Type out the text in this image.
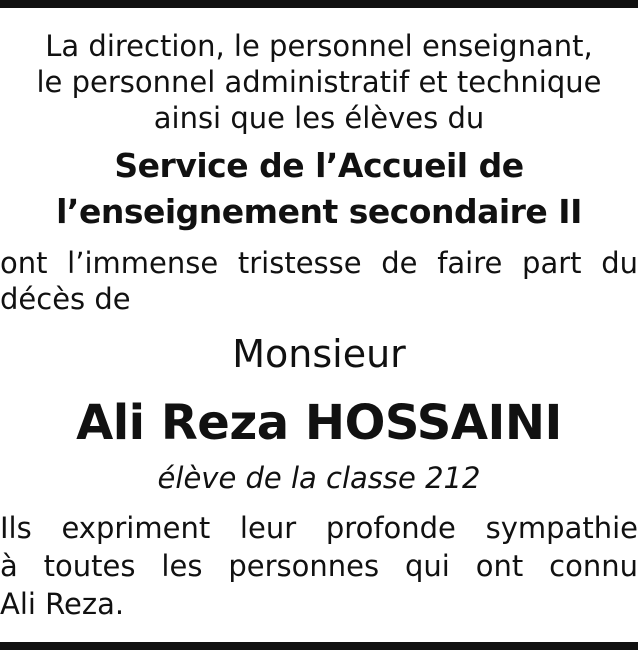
La direction, le personnel enseignant,
le personnel administratif et technique
ainsi que les élèves du
Service de l’Accueil de
l’enseignement secondaire II
ont l’immense tristesse de faire part du
décès de
Monsieur
Ali Reza HOSSAINI
élève de la classe 212
Ils expriment leur profonde sympathie
à toutes les personnes qui ont connu
Ali Reza.
